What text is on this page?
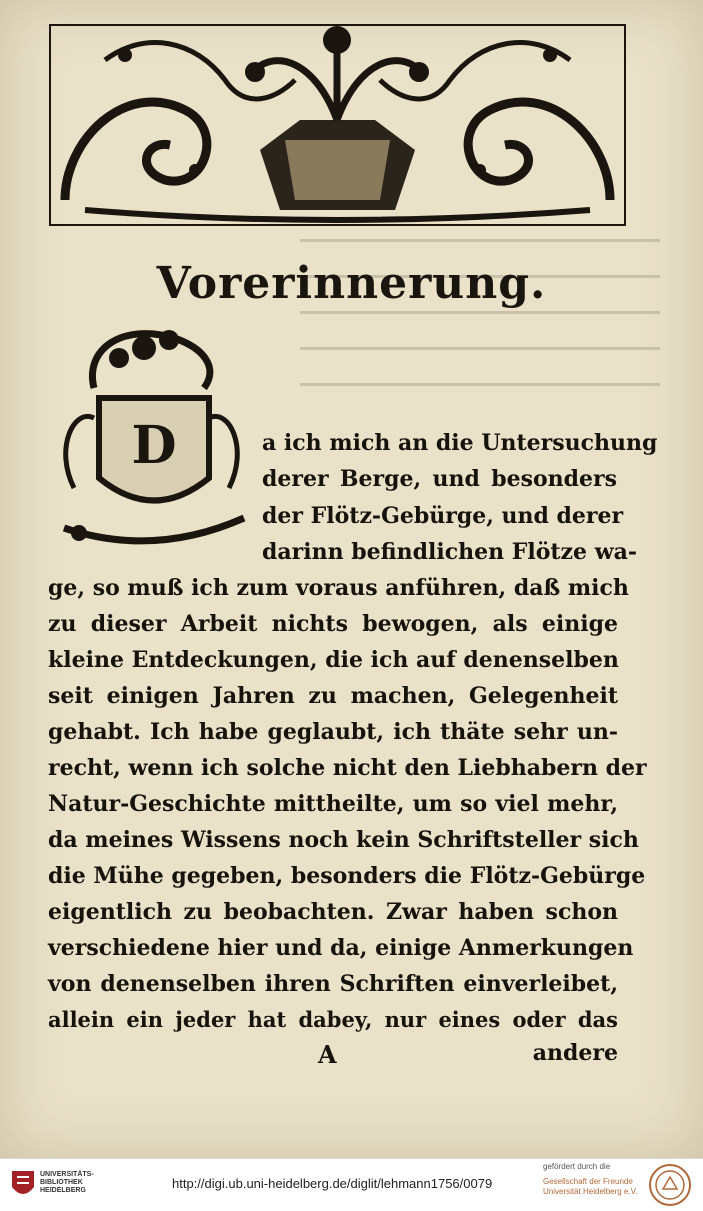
Vorerinnerung.
D	a ich mich an die Untersuchung
derer Berge, und besonders
der Flötz-Gebürge, und derer
darinn befindlichen Flötze wa-
ge, so muß ich zum voraus anführen, daß mich
zu dieser Arbeit nichts bewogen, als einige
kleine Entdeckungen, die ich auf denenselben
seit einigen Jahren zu machen, Gelegenheit
gehabt. Ich habe geglaubt, ich thäte sehr un-
recht, wenn ich solche nicht den Liebhabern der
Natur-Geschichte mittheilte, um so viel mehr,
da meines Wissens noch kein Schriftsteller sich
die Mühe gegeben, besonders die Flötz-Gebürge
eigentlich zu beobachten. Zwar haben schon
verschiedene hier und da, einige Anmerkungen
von denenselben ihren Schriften einverleibet,
allein ein jeder hat dabey, nur eines oder das
A	andere
UNIVERSITÄTS-
BIBLIOTHEK
HEIDELBERG	http://digi.ub.uni-heidelberg.de/diglit/lehmann1756/0079
gefördert durch die
Gesellschaft der Freunde
Universität Heidelberg e.V.
